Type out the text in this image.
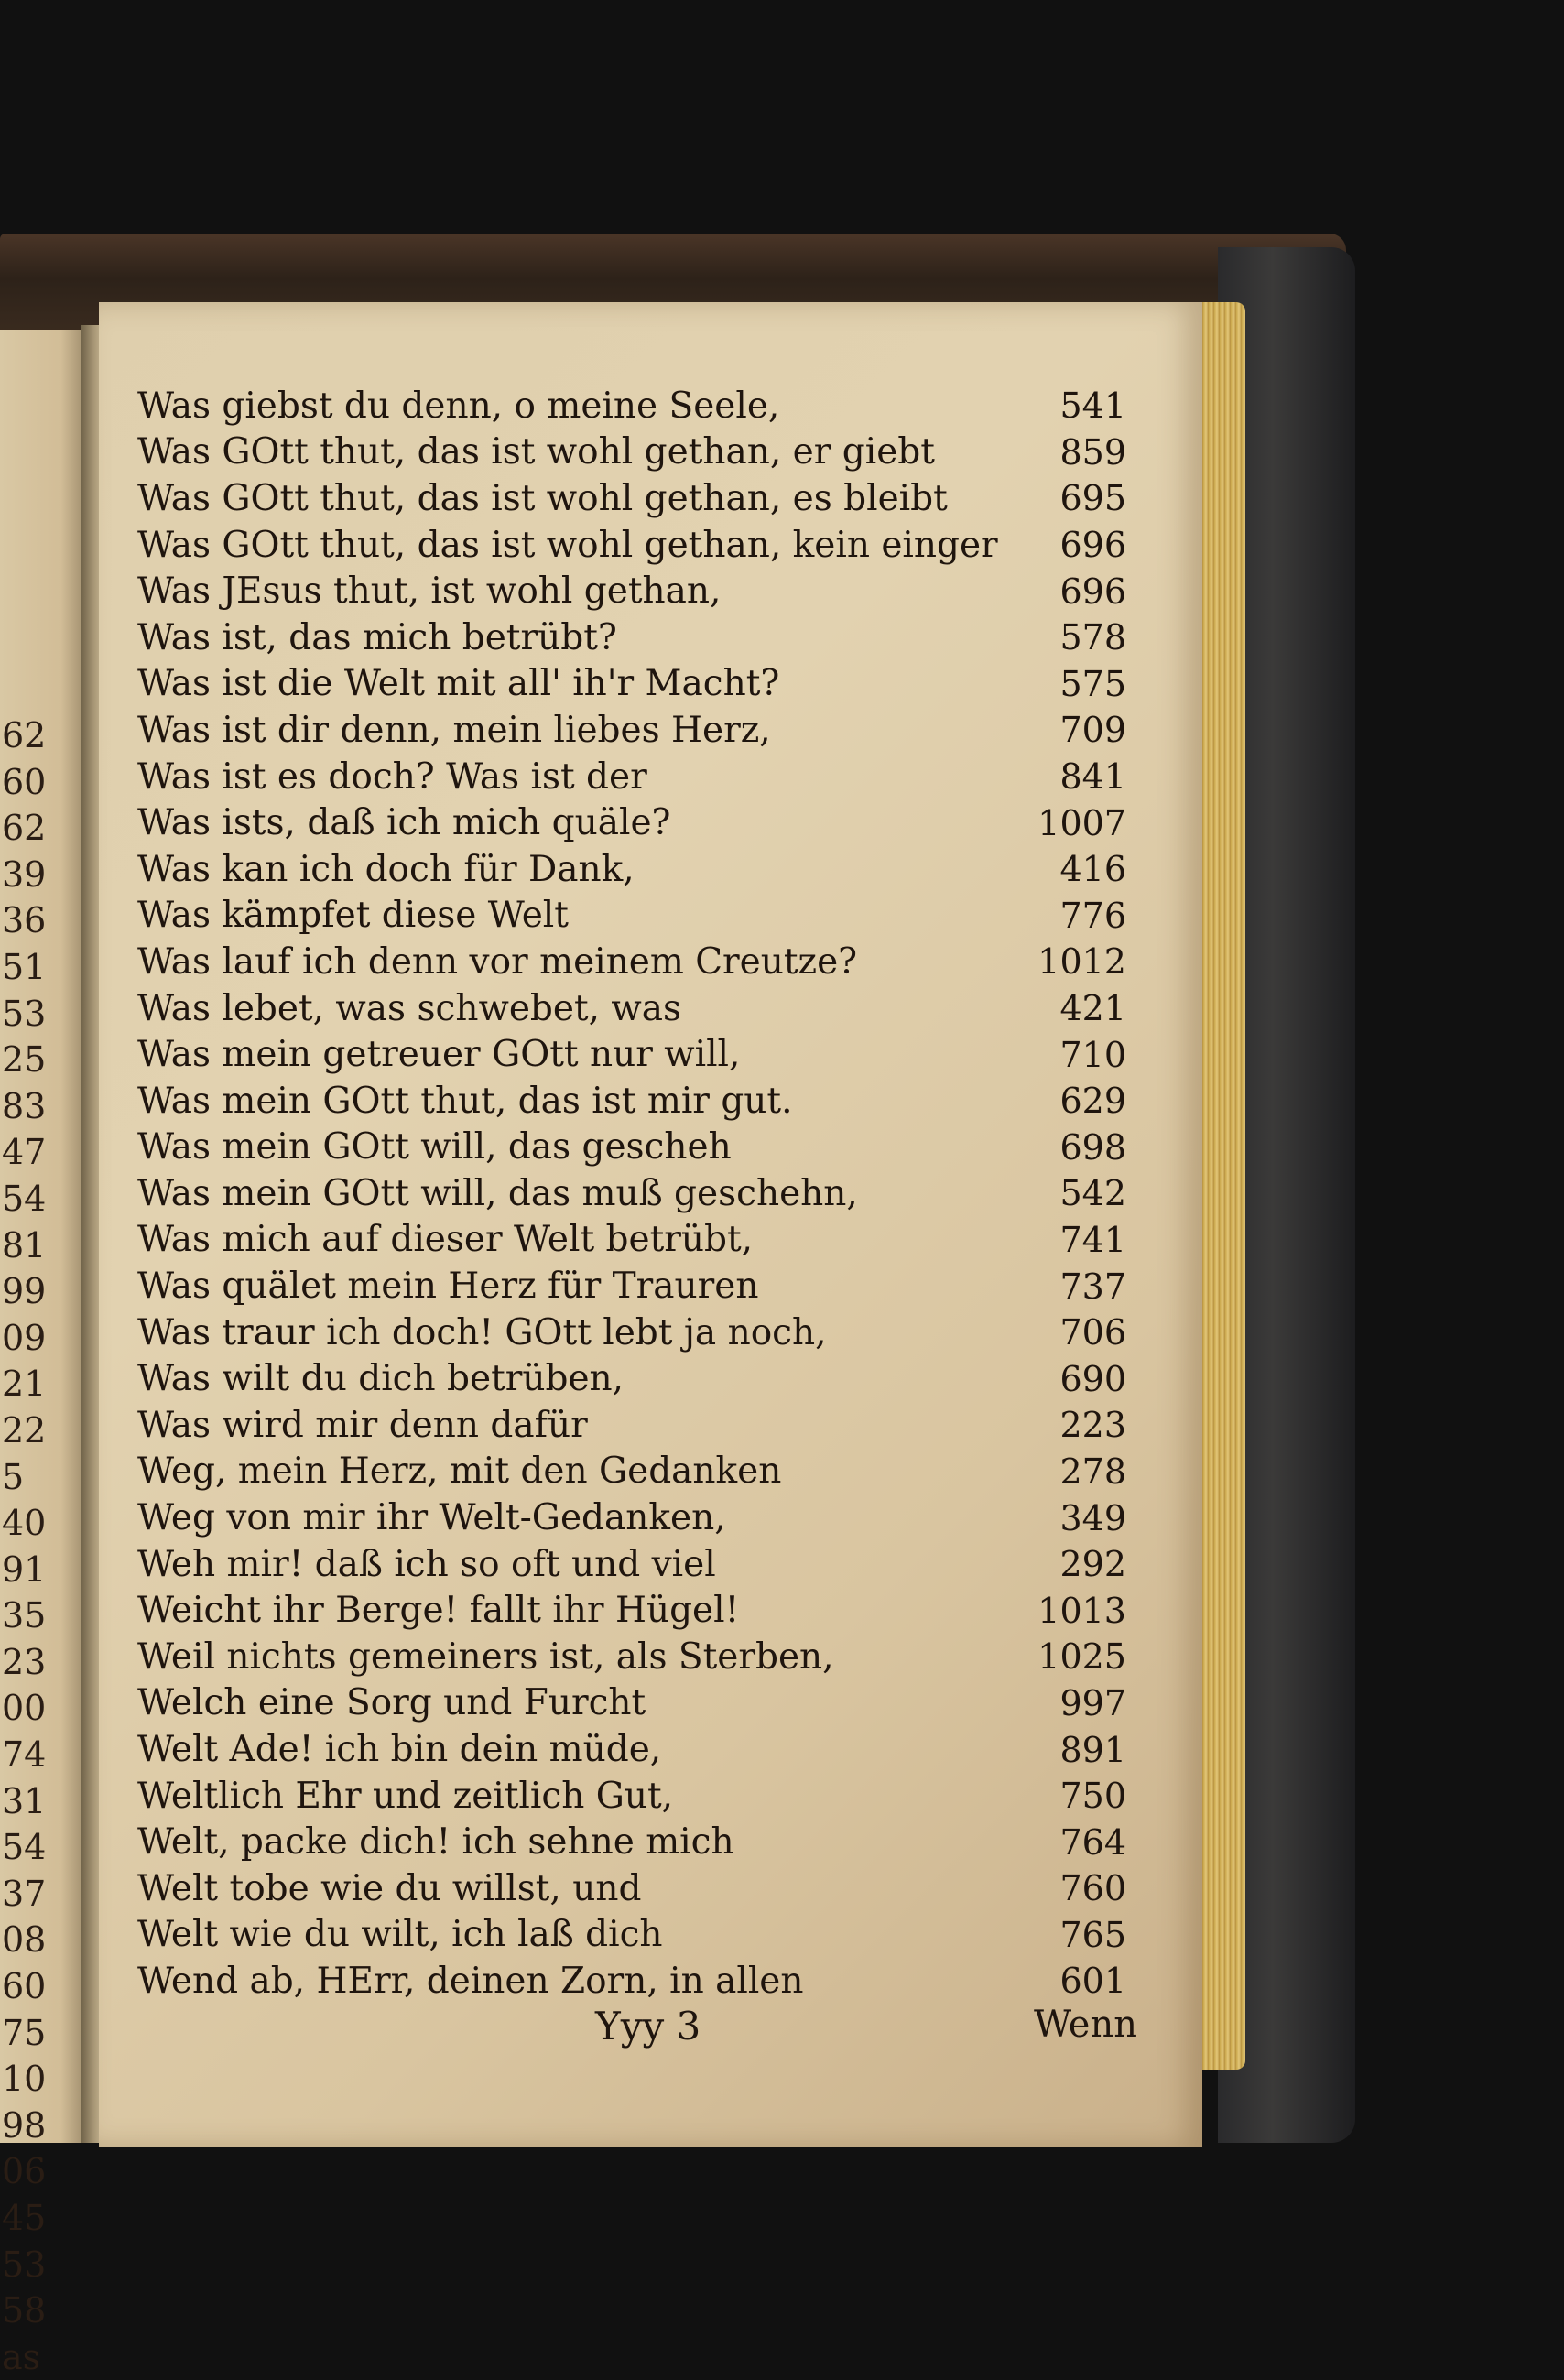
62
60
62
39
36
51
53
25
83
47
54
81
99
09
21
22
5
40
91
35
23
00
74
31
54
37
08
60
75
10
98
06
45
53
58
as
Was giebst du denn, o meine Seele,	541
Was GOtt thut, das ist wohl gethan, er giebt	859
Was GOtt thut, das ist wohl gethan, es bleibt	695
Was GOtt thut, das ist wohl gethan, kein einger	696
Was JEsus thut, ist wohl gethan,	696
Was ist, das mich betrübt?	578
Was ist die Welt mit all' ih'r Macht?	575
Was ist dir denn, mein liebes Herz,	709
Was ist es doch? Was ist der	841
Was ists, daß ich mich quäle?	1007
Was kan ich doch für Dank,	416
Was kämpfet diese Welt	776
Was lauf ich denn vor meinem Creutze?	1012
Was lebet, was schwebet, was	421
Was mein getreuer GOtt nur will,	710
Was mein GOtt thut, das ist mir gut.	629
Was mein GOtt will, das gescheh	698
Was mein GOtt will, das muß geschehn,	542
Was mich auf dieser Welt betrübt,	741
Was quälet mein Herz für Trauren	737
Was traur ich doch! GOtt lebt ja noch,	706
Was wilt du dich betrüben,	690
Was wird mir denn dafür	223
Weg, mein Herz, mit den Gedanken	278
Weg von mir ihr Welt-Gedanken,	349
Weh mir! daß ich so oft und viel	292
Weicht ihr Berge! fallt ihr Hügel!	1013
Weil nichts gemeiners ist, als Sterben,	1025
Welch eine Sorg und Furcht	997
Welt Ade! ich bin dein müde,	891
Weltlich Ehr und zeitlich Gut,	750
Welt, packe dich! ich sehne mich	764
Welt tobe wie du willst, und	760
Welt wie du wilt, ich laß dich	765
Wend ab, HErr, deinen Zorn, in allen	601
Yyy 3	Wenn
